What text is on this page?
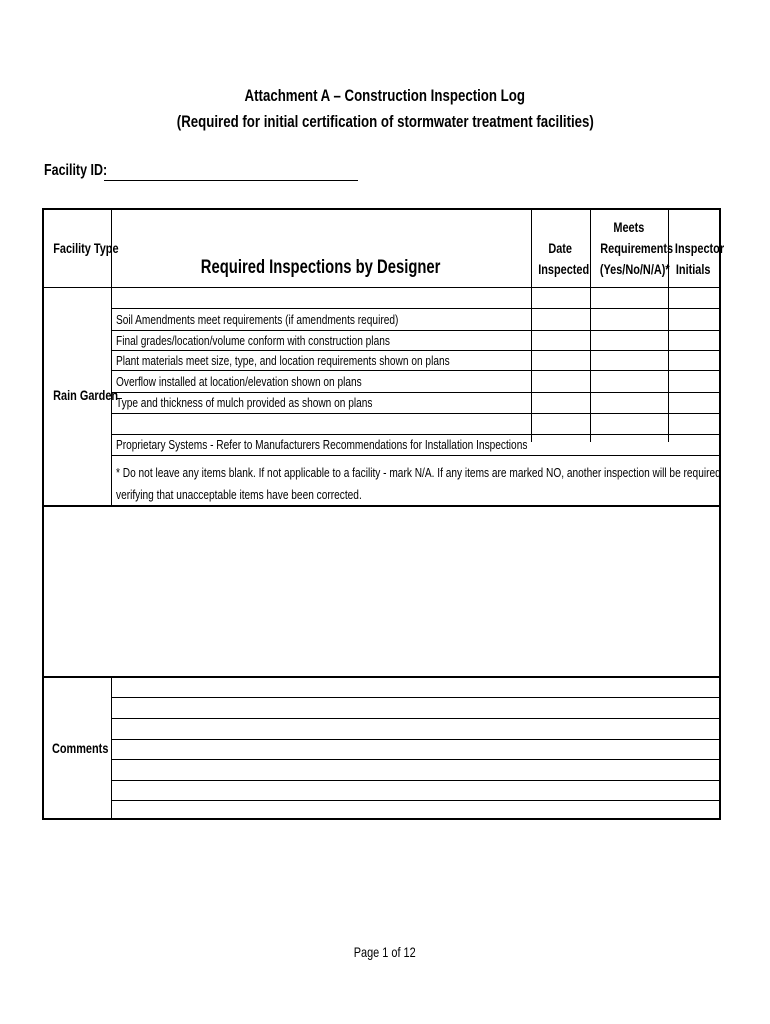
Attachment A – Construction Inspection Log
(Required for initial certification of stormwater treatment facilities)
Facility ID:
Facility Type
Required Inspections by Designer
Date
Inspected
Meets
Requirements
(Yes/No/N/A)*
Inspector
Initials
Rain Garden
Soil Amendments meet requirements (if amendments required)
Final grades/location/volume conform with construction plans
Plant materials meet size, type, and location requirements shown on plans
Overflow installed at location/elevation shown on plans
Type and thickness of mulch provided as shown on plans
Proprietary Systems - Refer to Manufacturers Recommendations for Installation Inspections
* Do not leave any items blank. If not applicable to a facility - mark N/A. If any items are marked NO, another inspection will be required
verifying that unacceptable items have been corrected.
Comments
Page 1 of 12
